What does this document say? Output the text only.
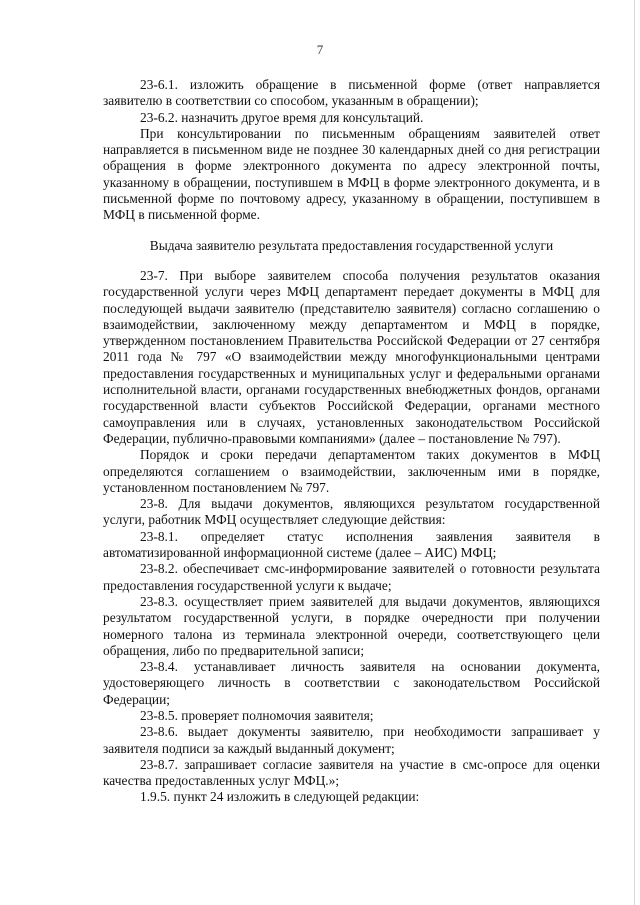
7

23-6.1. изложить обращение в письменной форме (ответ направляется заявителю в соответствии со способом, указанным в обращении);

23-6.2. назначить другое время для консультаций.

При консультировании по письменным обращениям заявителей ответ направляется в письменном виде не позднее 30 календарных дней со дня регистрации обращения в форме электронного документа по адресу электронной почты, указанному в обращении, поступившем в МФЦ в форме электронного документа, и в письменной форме по почтовому адресу, указанному в обращении, поступившем в МФЦ в письменной форме.

Выдача заявителю результата предоставления государственной услуги

23-7. При выборе заявителем способа получения результатов оказания государственной услуги через МФЦ департамент передает документы в МФЦ для последующей выдачи заявителю (представителю заявителя) согласно соглашению о взаимодействии, заключенному между департаментом и МФЦ в порядке, утвержденном постановлением Правительства Российской Федерации от 27 сентября 2011 года № 797 «О взаимодействии между многофункциональными центрами предоставления государственных и муниципальных услуг и федеральными органами исполнительной власти, органами государственных внебюджетных фондов, органами государственной власти субъектов Российской Федерации, органами местного самоуправления или в случаях, установленных законодательством Российской Федерации, публично-правовыми компаниями» (далее – постановление № 797).

Порядок и сроки передачи департаментом таких документов в МФЦ определяются соглашением о взаимодействии, заключенным ими в порядке, установленном постановлением № 797.

23-8. Для выдачи документов, являющихся результатом государственной услуги, работник МФЦ осуществляет следующие действия:

23-8.1. определяет статус исполнения заявления заявителя в автоматизированной информационной системе (далее – АИС) МФЦ;

23-8.2. обеспечивает смс-информирование заявителей о готовности результата предоставления государственной услуги к выдаче;

23-8.3. осуществляет прием заявителей для выдачи документов, являющихся результатом государственной услуги, в порядке очередности при получении номерного талона из терминала электронной очереди, соответствующего цели обращения, либо по предварительной записи;

23-8.4. устанавливает личность заявителя на основании документа, удостоверяющего личность в соответствии с законодательством Российской Федерации;

23-8.5. проверяет полномочия заявителя;

23-8.6. выдает документы заявителю, при необходимости запрашивает у заявителя подписи за каждый выданный документ;

23-8.7. запрашивает согласие заявителя на участие в смс-опросе для оценки качества предоставленных услуг МФЦ.»;

1.9.5. пункт 24 изложить в следующей редакции:
